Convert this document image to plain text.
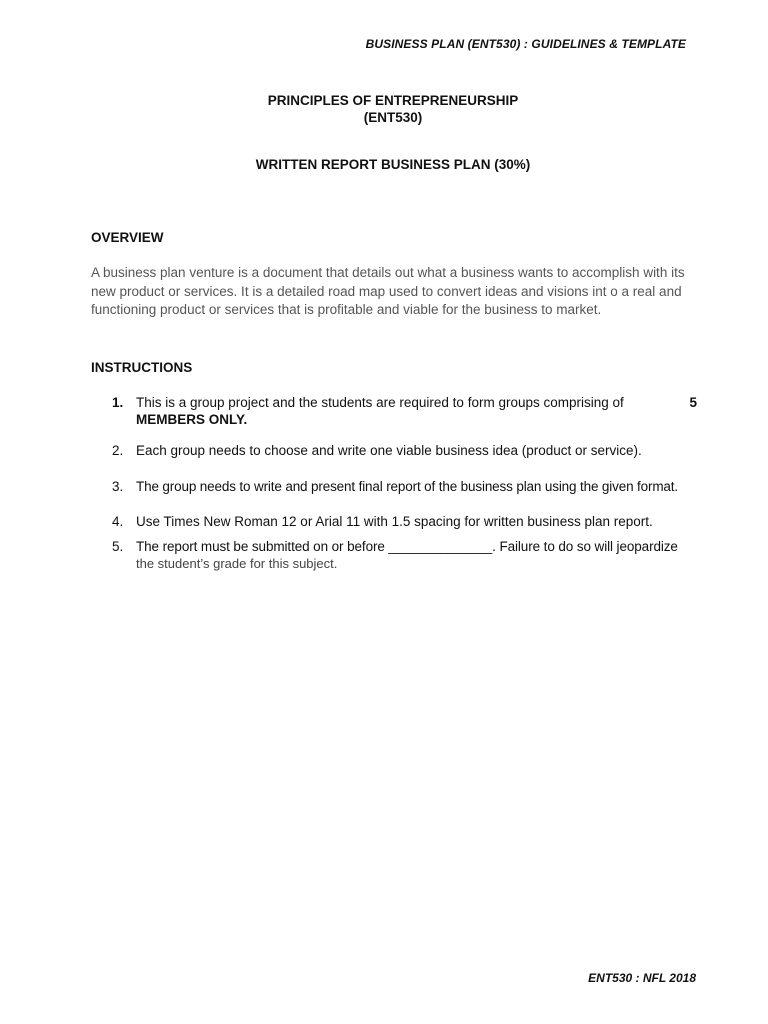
BUSINESS PLAN (ENT530) : GUIDELINES & TEMPLATE
PRINCIPLES OF ENTREPRENEURSHIP
(ENT530)
WRITTEN REPORT BUSINESS PLAN (30%)
OVERVIEW
A business plan venture is a document that details out what a business wants to accomplish with its
new product or services. It is a detailed road map used to convert ideas and visions int o a real and
functioning product or services that is profitable and viable for the business to market.
INSTRUCTIONS
1. This is a group project and the students are required to form groups comprising of	5
MEMBERS ONLY.
2. Each group needs to choose and write one viable business idea (product or service).
3. The group needs to write and present final report of the business plan using the given format.
4. Use Times New Roman 12 or Arial 11 with 1.5 spacing for written business plan report.
5. The report must be submitted on or before ______________. Failure to do so will jeopardize
the student’s grade for this subject.
ENT530 : NFL 2018
